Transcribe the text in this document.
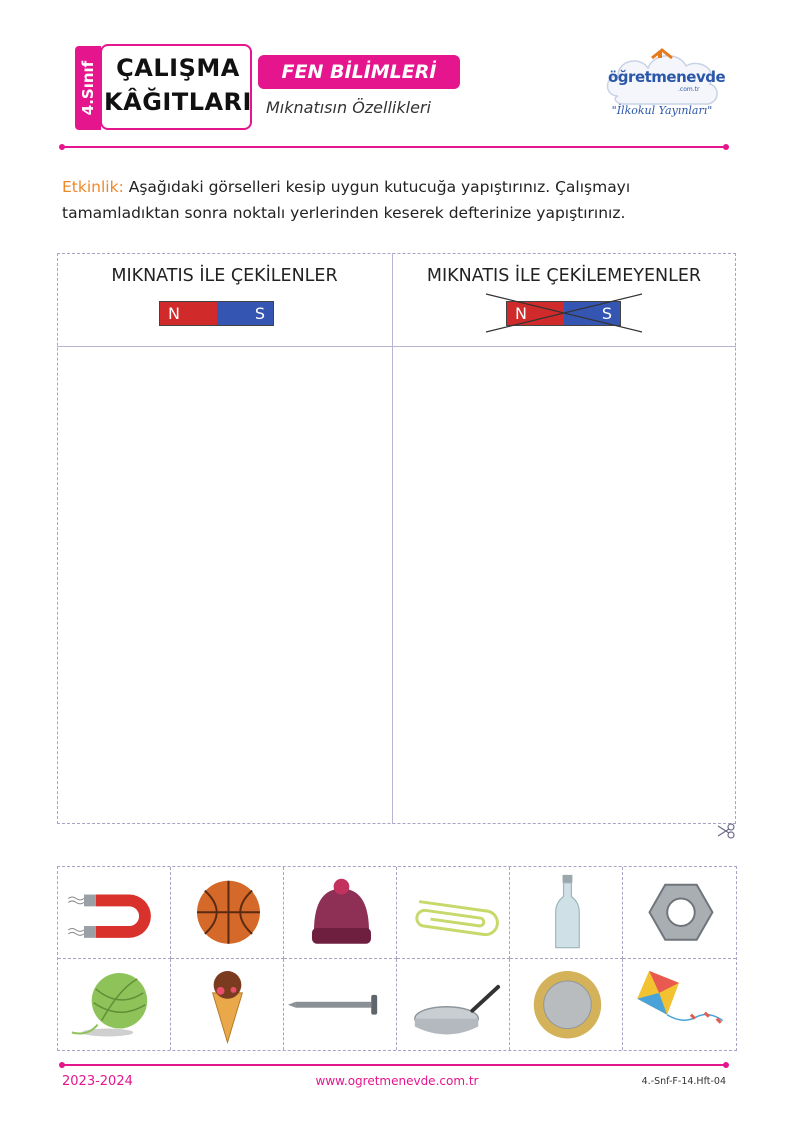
4.Sınıf ÇALIŞMA
KÂĞITLARI
FEN BİLİMLERİ
Mıknatısın Özellikleri
öğretmenevde
.com.tr
"İlkokul Yayınları"
Etkinlik: Aşağıdaki görselleri kesip uygun kutucuğa yapıştırınız. Çalışmayı tamamladıktan sonra noktalı yerlerinden keserek defterinize yapıştırınız.
MIKNATIS İLE ÇEKİLENLER	MIKNATIS İLE ÇEKİLEMEYENLER
N	S	N	S
2023-2024	www.ogretmenevde.com.tr	4.-Snf-F-14.Hft-04
